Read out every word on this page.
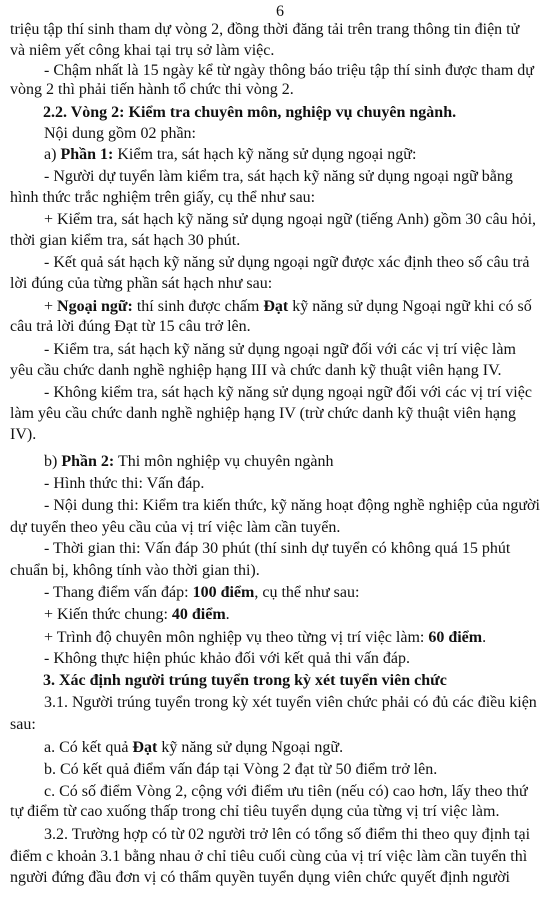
6
triệu tập thí sinh tham dự vòng 2, đồng thời đăng tải trên trang thông tin điện tử
và niêm yết công khai tại trụ sở làm việc.
- Chậm nhất là 15 ngày kể từ ngày thông báo triệu tập thí sinh được tham dự
vòng 2 thì phải tiến hành tổ chức thi vòng 2.
2.2. Vòng 2: Kiểm tra chuyên môn, nghiệp vụ chuyên ngành.
Nội dung gồm 02 phần:
a) Phần 1: Kiểm tra, sát hạch kỹ năng sử dụng ngoại ngữ:
- Người dự tuyển làm kiểm tra, sát hạch kỹ năng sử dụng ngoại ngữ bằng
hình thức trắc nghiệm trên giấy, cụ thể như sau:
+ Kiểm tra, sát hạch kỹ năng sử dụng ngoại ngữ (tiếng Anh) gồm 30 câu hỏi,
thời gian kiểm tra, sát hạch 30 phút.
- Kết quả sát hạch kỹ năng sử dụng ngoại ngữ được xác định theo số câu trả
lời đúng của từng phần sát hạch như sau:
+ Ngoại ngữ: thí sinh được chấm Đạt kỹ năng sử dụng Ngoại ngữ khi có số
câu trả lời đúng Đạt từ 15 câu trở lên.
- Kiểm tra, sát hạch kỹ năng sử dụng ngoại ngữ đối với các vị trí việc làm
yêu cầu chức danh nghề nghiệp hạng III và chức danh kỹ thuật viên hạng IV.
- Không kiểm tra, sát hạch kỹ năng sử dụng ngoại ngữ đối với các vị trí việc
làm yêu cầu chức danh nghề nghiệp hạng IV (trừ chức danh kỹ thuật viên hạng
IV).
b) Phần 2: Thi môn nghiệp vụ chuyên ngành
- Hình thức thi: Vấn đáp.
- Nội dung thi: Kiểm tra kiến thức, kỹ năng hoạt động nghề nghiệp của người
dự tuyển theo yêu cầu của vị trí việc làm cần tuyển.
- Thời gian thi: Vấn đáp 30 phút (thí sinh dự tuyển có không quá 15 phút
chuẩn bị, không tính vào thời gian thi).
- Thang điểm vấn đáp: 100 điểm, cụ thể như sau:
+ Kiến thức chung: 40 điểm.
+ Trình độ chuyên môn nghiệp vụ theo từng vị trí việc làm: 60 điểm.
- Không thực hiện phúc khảo đối với kết quả thi vấn đáp.
3. Xác định người trúng tuyển trong kỳ xét tuyển viên chức
3.1. Người trúng tuyển trong kỳ xét tuyển viên chức phải có đủ các điều kiện
sau:
a. Có kết quả Đạt kỹ năng sử dụng Ngoại ngữ.
b. Có kết quả điểm vấn đáp tại Vòng 2 đạt từ 50 điểm trở lên.
c. Có số điểm Vòng 2, cộng với điểm ưu tiên (nếu có) cao hơn, lấy theo thứ
tự điểm từ cao xuống thấp trong chỉ tiêu tuyển dụng của từng vị trí việc làm.
3.2. Trường hợp có từ 02 người trở lên có tổng số điểm thi theo quy định tại
điểm c khoản 3.1 bằng nhau ở chỉ tiêu cuối cùng của vị trí việc làm cần tuyển thì
người đứng đầu đơn vị có thẩm quyền tuyển dụng viên chức quyết định người
